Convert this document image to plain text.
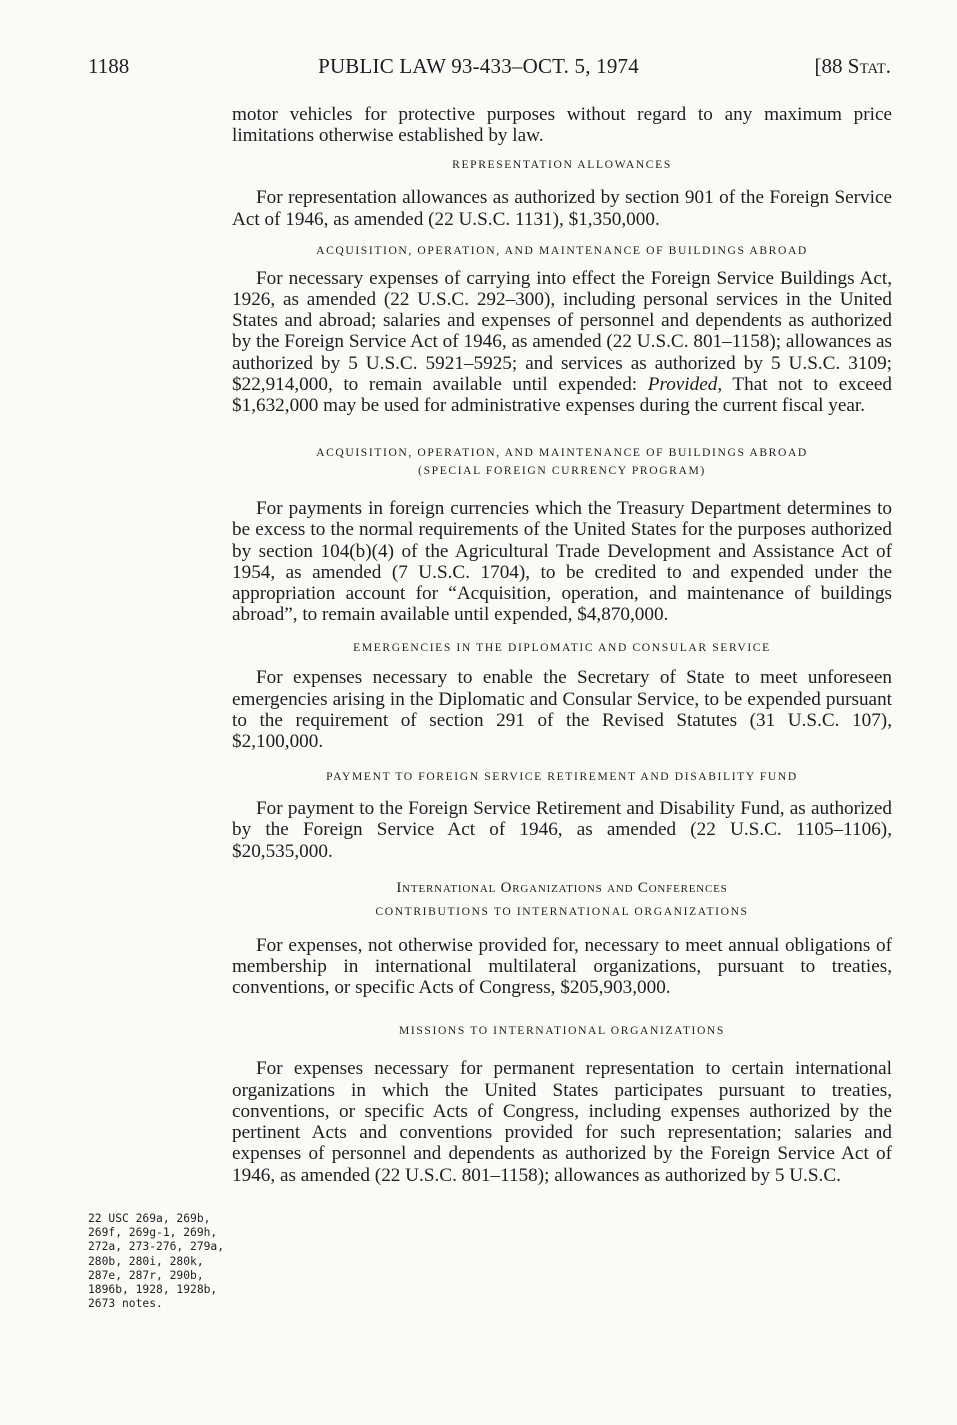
1188	PUBLIC LAW 93-433–OCT. 5, 1974	[88 Stat.

motor vehicles for protective purposes without regard to any maximum price limitations otherwise established by law.

REPRESENTATION ALLOWANCES

For representation allowances as authorized by section 901 of the Foreign Service Act of 1946, as amended (22 U.S.C. 1131), $1,350,000.

ACQUISITION, OPERATION, AND MAINTENANCE OF BUILDINGS ABROAD

For necessary expenses of carrying into effect the Foreign Service Buildings Act, 1926, as amended (22 U.S.C. 292–300), including personal services in the United States and abroad; salaries and expenses of personnel and dependents as authorized by the Foreign Service Act of 1946, as amended (22 U.S.C. 801–1158); allowances as authorized by 5 U.S.C. 5921–5925; and services as authorized by 5 U.S.C. 3109; $22,914,000, to remain available until expended: Provided, That not to exceed $1,632,000 may be used for administrative expenses during the current fiscal year.

ACQUISITION, OPERATION, AND MAINTENANCE OF BUILDINGS ABROAD

(SPECIAL FOREIGN CURRENCY PROGRAM)

For payments in foreign currencies which the Treasury Department determines to be excess to the normal requirements of the United States for the purposes authorized by section 104(b)(4) of the Agricultural Trade Development and Assistance Act of 1954, as amended (7 U.S.C. 1704), to be credited to and expended under the appropriation account for “Acquisition, operation, and maintenance of buildings abroad”, to remain available until expended, $4,870,000.

EMERGENCIES IN THE DIPLOMATIC AND CONSULAR SERVICE

For expenses necessary to enable the Secretary of State to meet unforeseen emergencies arising in the Diplomatic and Consular Service, to be expended pursuant to the requirement of section 291 of the Revised Statutes (31 U.S.C. 107), $2,100,000.

PAYMENT TO FOREIGN SERVICE RETIREMENT AND DISABILITY FUND

For payment to the Foreign Service Retirement and Disability Fund, as authorized by the Foreign Service Act of 1946, as amended (22 U.S.C. 1105–1106), $20,535,000.

International Organizations and Conferences

CONTRIBUTIONS TO INTERNATIONAL ORGANIZATIONS

For expenses, not otherwise provided for, necessary to meet annual obligations of membership in international multilateral organizations, pursuant to treaties, conventions, or specific Acts of Congress, $205,903,000.

MISSIONS TO INTERNATIONAL ORGANIZATIONS

For expenses necessary for permanent representation to certain international organizations in which the United States participates pursuant to treaties, conventions, or specific Acts of Congress, including expenses authorized by the pertinent Acts and conventions provided for such representation; salaries and expenses of personnel and dependents as authorized by the Foreign Service Act of 1946, as amended (22 U.S.C. 801–1158); allowances as authorized by 5 U.S.C.

22 USC 269a, 269b, 269f, 269g-1, 269h, 272a, 273-276, 279a, 280b, 280i, 280k, 287e, 287r, 290b, 1896b, 1928, 1928b, 2673 notes.
